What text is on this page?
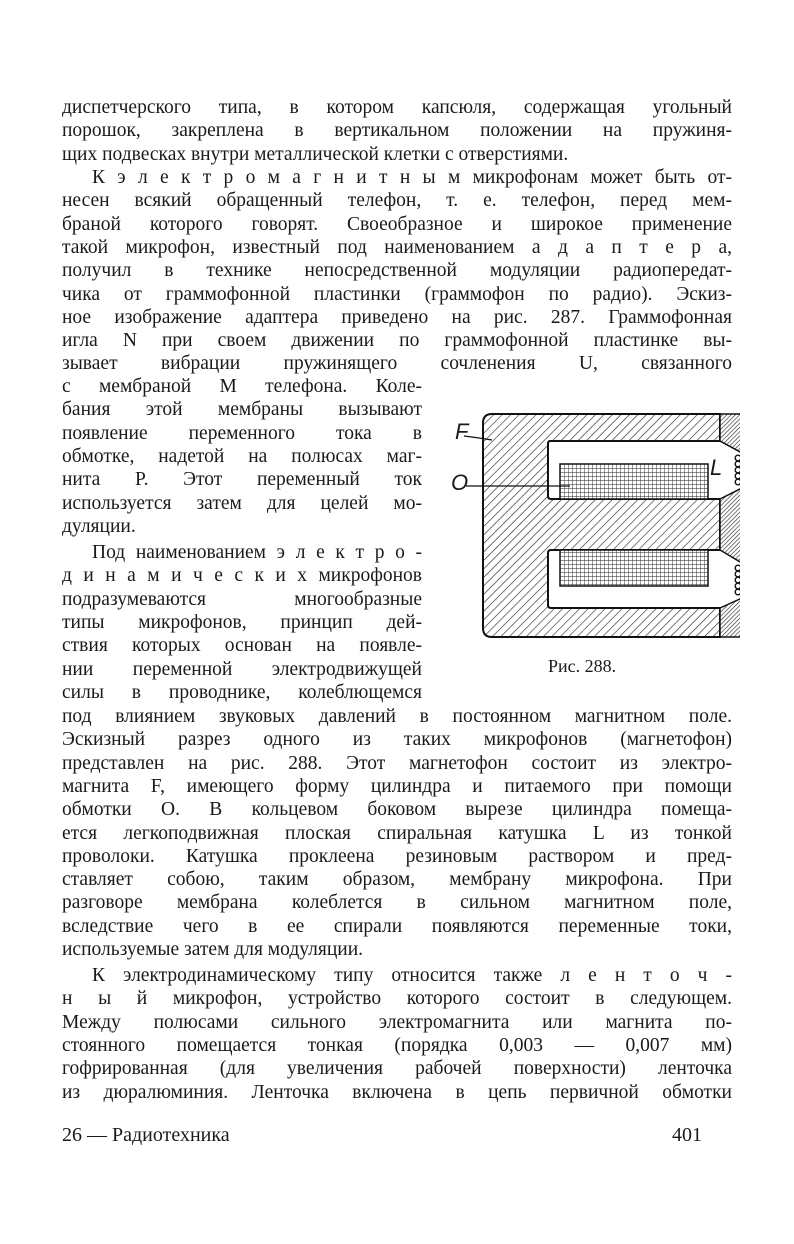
диспетчерского типа, в котором капсюля, содержащая угольный
порошок, закреплена в вертикальном положении на пружиня-
щих подвесках внутри металлической клетки с отверстиями.
К э л е к т р о м а г н и т н ы м микрофонам может быть от-
несен всякий обращенный телефон, т. е. телефон, перед мем-
браной которого говорят. Своеобразное и широкое применение
такой микрофон, известный под наименованием а д а п т е р а,
получил в технике непосредственной модуляции радиопередат-
чика от граммофонной пластинки (граммофон по радио). Эскиз-
ное изображение адаптера приведено на рис. 287. Граммофонная
игла N при своем движении по граммофонной пластинке вы-
зывает вибрации пружинящего сочленения U, связанного
с мембраной M телефона. Коле-
бания этой мембраны вызывают
появление переменного тока в
обмотке, надетой на полюсах маг-
нита P. Этот переменный ток
используется затем для целей мо-
дуляции.
Под наименованием э л е к т р о -
д и н а м и ч е с к и х микрофонов
подразумеваются многообразные
типы микрофонов, принцип дей-
ствия которых основан на появле-
нии переменной электродвижущей
силы в проводнике, колеблющемся
под влиянием звуковых давлений в постоянном магнитном поле.
Эскизный разрез одного из таких микрофонов (магнетофон)
представлен на рис. 288. Этот магнетофон состоит из электро-
магнита F, имеющего форму цилиндра и питаемого при помощи
обмотки O. В кольцевом боковом вырезе цилиндра помеща-
ется легкоподвижная плоская спиральная катушка L из тонкой
проволоки. Катушка проклеена резиновым раствором и пред-
ставляет собою, таким образом, мембрану микрофона. При
разговоре мембрана колеблется в сильном магнитном поле,
вследствие чего в ее спирали появляются переменные токи,
используемые затем для модуляции.
К электродинамическому типу относится также л е н т о ч -
н ы й микрофон, устройство которого состоит в следующем.
Между полюсами сильного электромагнита или магнита по-
стоянного помещается тонкая (порядка 0,003 — 0,007 мм)
гофрированная (для увеличения рабочей поверхности) ленточка
из дюралюминия. Ленточка включена в цепь первичной обмотки
F
O
L
Рис. 288.
26 — Радиотехника	401
